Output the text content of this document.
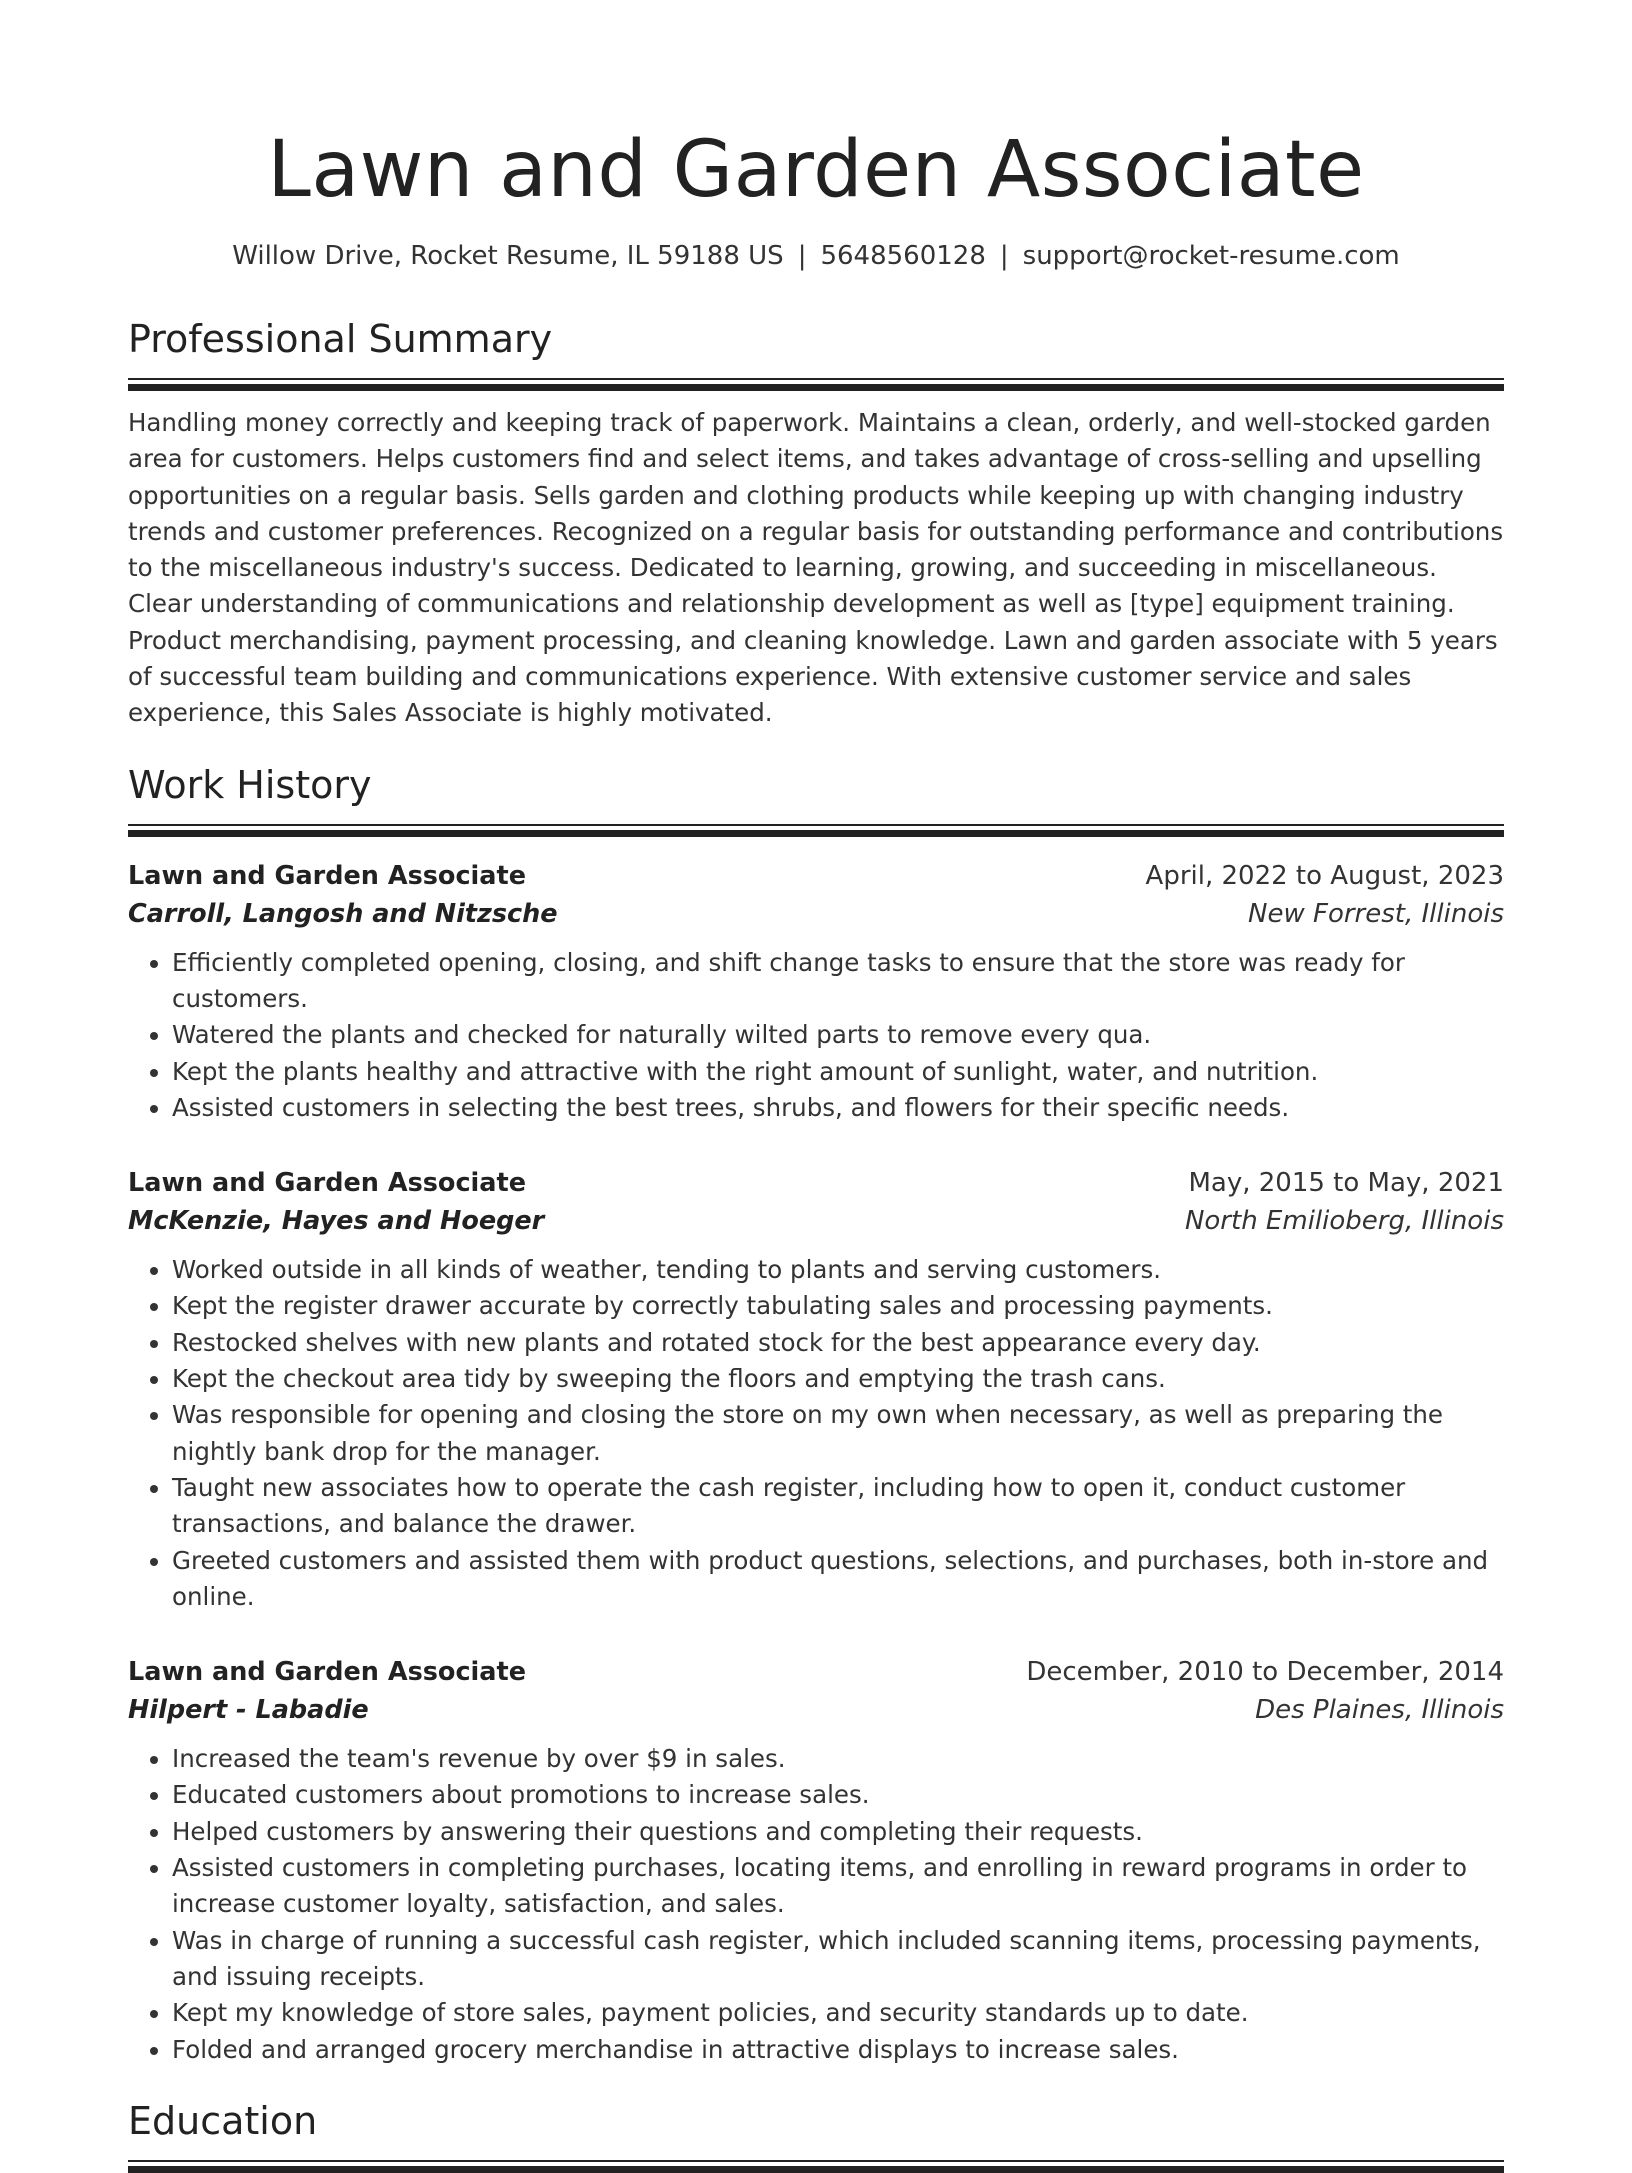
Lawn and Garden Associate
Willow Drive, Rocket Resume, IL 59188 US | 5648560128 | support@rocket-resume.com
Professional Summary

Handling money correctly and keeping track of paperwork. Maintains a clean, orderly, and well-stocked garden area for customers. Helps customers find and select items, and takes advantage of cross-selling and upselling opportunities on a regular basis. Sells garden and clothing products while keeping up with changing industry trends and customer preferences. Recognized on a regular basis for outstanding performance and contributions to the miscellaneous industry's success. Dedicated to learning, growing, and succeeding in miscellaneous. Clear understanding of communications and relationship development as well as [type] equipment training. Product merchandising, payment processing, and cleaning knowledge. Lawn and garden associate with 5 years of successful team building and communications experience. With extensive customer service and sales experience, this Sales Associate is highly motivated.

Work History
Lawn and Garden Associate	April, 2022 to August, 2023
Carroll, Langosh and Nitzsche	New Forrest, Illinois
• Efficiently completed opening, closing, and shift change tasks to ensure that the store was ready for customers.
• Watered the plants and checked for naturally wilted parts to remove every qua.
• Kept the plants healthy and attractive with the right amount of sunlight, water, and nutrition.
• Assisted customers in selecting the best trees, shrubs, and flowers for their specific needs.
Lawn and Garden Associate	May, 2015 to May, 2021
McKenzie, Hayes and Hoeger	North Emilioberg, Illinois
• Worked outside in all kinds of weather, tending to plants and serving customers.
• Kept the register drawer accurate by correctly tabulating sales and processing payments.
• Restocked shelves with new plants and rotated stock for the best appearance every day.
• Kept the checkout area tidy by sweeping the floors and emptying the trash cans.
• Was responsible for opening and closing the store on my own when necessary, as well as preparing the nightly bank drop for the manager.
• Taught new associates how to operate the cash register, including how to open it, conduct customer transactions, and balance the drawer.
• Greeted customers and assisted them with product questions, selections, and purchases, both in-store and online.
Lawn and Garden Associate	December, 2010 to December, 2014
Hilpert - Labadie	Des Plaines, Illinois
• Increased the team's revenue by over $9 in sales.
• Educated customers about promotions to increase sales.
• Helped customers by answering their questions and completing their requests.
• Assisted customers in completing purchases, locating items, and enrolling in reward programs in order to increase customer loyalty, satisfaction, and sales.
• Was in charge of running a successful cash register, which included scanning items, processing payments, and issuing receipts.
• Kept my knowledge of store sales, payment policies, and security standards up to date.
• Folded and arranged grocery merchandise in attractive displays to increase sales.
Education
